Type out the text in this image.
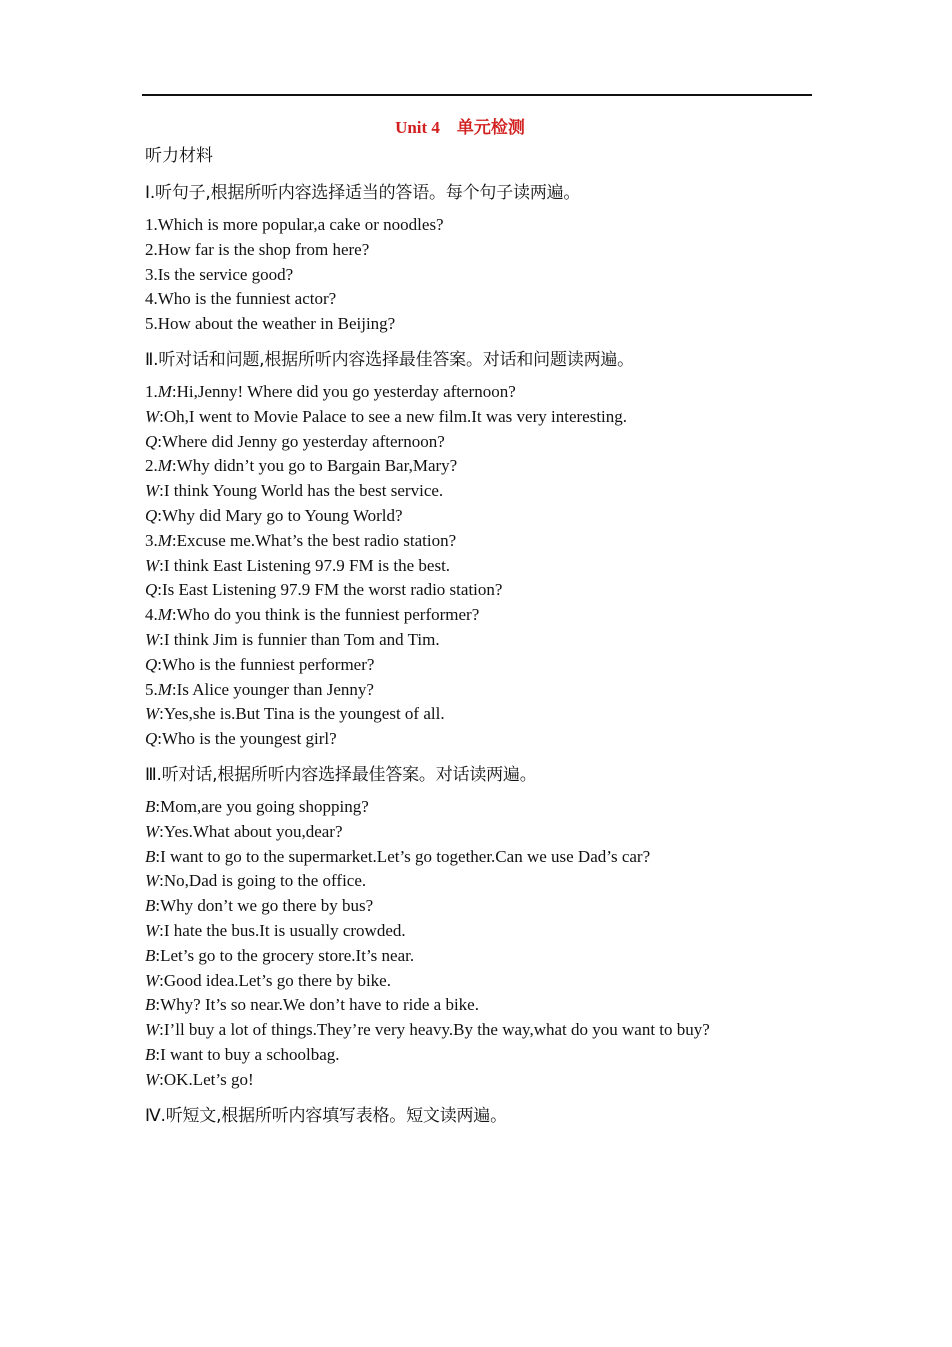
Unit 4　单元检测
听力材料
Ⅰ.听句子,根据所听内容选择适当的答语。每个句子读两遍。
1.Which is more popular,a cake or noodles?
2.How far is the shop from here?
3.Is the service good?
4.Who is the funniest actor?
5.How about the weather in Beijing?
Ⅱ.听对话和问题,根据所听内容选择最佳答案。对话和问题读两遍。
1.M:Hi,Jenny! Where did you go yesterday afternoon?
W:Oh,I went to Movie Palace to see a new film.It was very interesting.
Q:Where did Jenny go yesterday afternoon?
2.M:Why didn’t you go to Bargain Bar,Mary?
W:I think Young World has the best service.
Q:Why did Mary go to Young World?
3.M:Excuse me.What’s the best radio station?
W:I think East Listening 97.9 FM is the best.
Q:Is East Listening 97.9 FM the worst radio station?
4.M:Who do you think is the funniest performer?
W:I think Jim is funnier than Tom and Tim.
Q:Who is the funniest performer?
5.M:Is Alice younger than Jenny?
W:Yes,she is.But Tina is the youngest of all.
Q:Who is the youngest girl?
Ⅲ.听对话,根据所听内容选择最佳答案。对话读两遍。
B:Mom,are you going shopping?
W:Yes.What about you,dear?
B:I want to go to the supermarket.Let’s go together.Can we use Dad’s car?
W:No,Dad is going to the office.
B:Why don’t we go there by bus?
W:I hate the bus.It is usually crowded.
B:Let’s go to the grocery store.It’s near.
W:Good idea.Let’s go there by bike.
B:Why? It’s so near.We don’t have to ride a bike.
W:I’ll buy a lot of things.They’re very heavy.By the way,what do you want to buy?
B:I want to buy a schoolbag.
W:OK.Let’s go!
Ⅳ.听短文,根据所听内容填写表格。短文读两遍。
